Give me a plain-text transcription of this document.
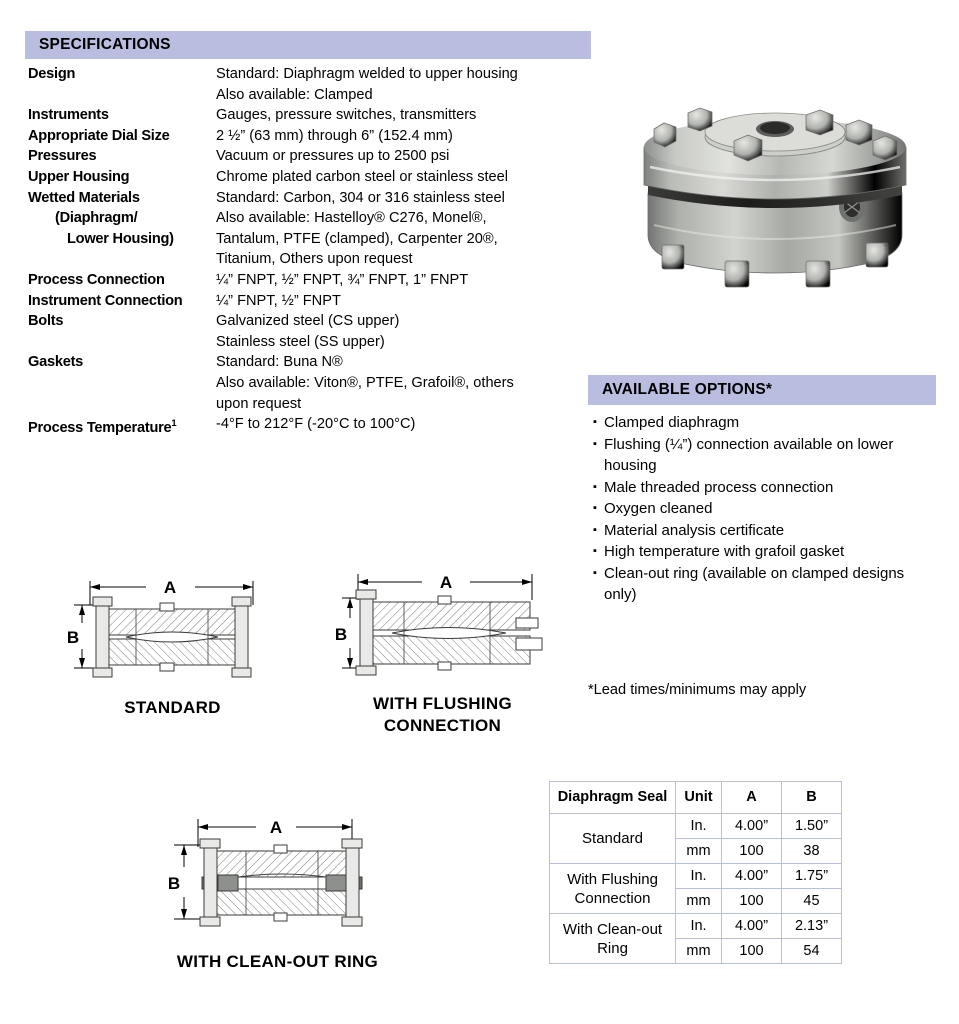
SPECIFICATIONS
Design	Standard: Diaphragm welded to upper housing
Also available: Clamped
Instruments	Gauges, pressure switches, transmitters
Appropriate Dial Size	2 ½” (63 mm) through 6” (152.4 mm)
Pressures	Vacuum or pressures up to 2500 psi
Upper Housing	Chrome plated carbon steel or stainless steel
Wetted Materials	Standard: Carbon, 304 or 316 stainless steel
(Diaphragm/	Also available: Hastelloy® C276, Monel®,
Lower Housing)	Tantalum, PTFE (clamped), Carpenter 20®,
Titanium, Others upon request
Process Connection	¼” FNPT, ½” FNPT, ¾” FNPT, 1” FNPT
Instrument Connection	¼” FNPT, ½” FNPT
Bolts	Galvanized steel (CS upper)
Stainless steel (SS upper)
Gaskets	Standard: Buna N®
Also available: Viton®, PTFE, Grafoil®, others
upon request
Process Temperature$^1$	-4°F to 212°F (-20°C to 100°C)
AVAILABLE OPTIONS*
▪ Clamped diaphragm
▪ Flushing (¼”) connection available on lower housing
▪ Male threaded process connection
▪ Oxygen cleaned
▪ Material analysis certificate
▪ High temperature with grafoil gasket
▪ Clean-out ring (available on clamped designs only)
*Lead times/minimums may apply
A
B
STANDARD
A
B
WITH FLUSHING CONNECTION
A
B
WITH CLEAN-OUT RING
Diaphragm Seal	Unit	A	B
Standard	In.	4.00”	1.50”
	mm	100	38
With Flushing Connection	In.	4.00”	1.75”
	mm	100	45
With Clean-out Ring	In.	4.00”	2.13”
	mm	100	54
